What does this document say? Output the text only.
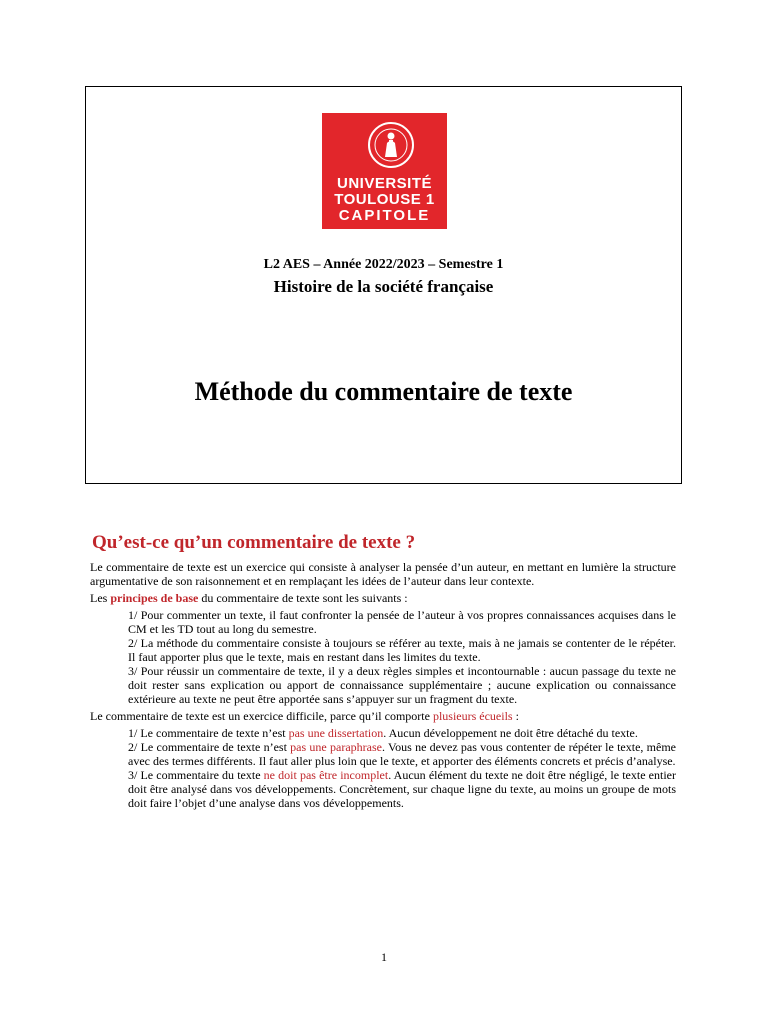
UNIVERSITÉ
TOULOUSE 1
CAPITOLE
L2 AES – Année 2022/2023 – Semestre 1
Histoire de la société française
Méthode du commentaire de texte
Qu’est-ce qu’un commentaire de texte ?

Le commentaire de texte est un exercice qui consiste à analyser la pensée d’un auteur, en mettant en lumière la structure argumentative de son raisonnement et en remplaçant les idées de l’auteur dans leur contexte.

Les principes de base du commentaire de texte sont les suivants :

1/ Pour commenter un texte, il faut confronter la pensée de l’auteur à vos propres connaissances acquises dans le CM et les TD tout au long du semestre.

2/ La méthode du commentaire consiste à toujours se référer au texte, mais à ne jamais se contenter de le répéter. Il faut apporter plus que le texte, mais en restant dans les limites du texte.

3/ Pour réussir un commentaire de texte, il y a deux règles simples et incontournable : aucun passage du texte ne doit rester sans explication ou apport de connaissance supplémentaire ; aucune explication ou connaissance extérieure au texte ne peut être apportée sans s’appuyer sur un fragment du texte.

Le commentaire de texte est un exercice difficile, parce qu’il comporte plusieurs écueils :

1/ Le commentaire de texte n’est pas une dissertation. Aucun développement ne doit être détaché du texte.

2/ Le commentaire de texte n’est pas une paraphrase. Vous ne devez pas vous contenter de répéter le texte, même avec des termes différents. Il faut aller plus loin que le texte, et apporter des éléments concrets et précis d’analyse.

3/ Le commentaire du texte ne doit pas être incomplet. Aucun élément du texte ne doit être négligé, le texte entier doit être analysé dans vos développements. Concrètement, sur chaque ligne du texte, au moins un groupe de mots doit faire l’objet d’une analyse dans vos développements.

1
